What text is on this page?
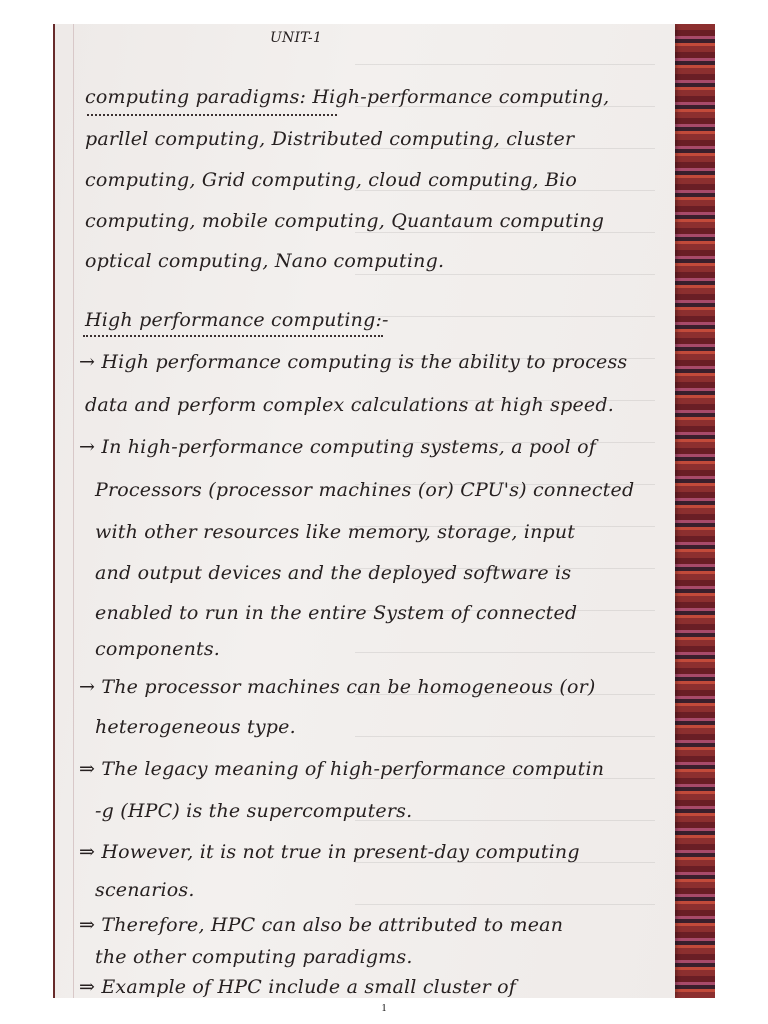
UNIT-1
computing paradigms: High-performance computing,
parllel computing, Distributed computing, cluster
computing, Grid computing, cloud computing, Bio
computing, mobile computing, Quantaum computing
optical computing, Nano computing.
High performance computing:-
→ High performance computing is the ability to process
data and perform complex calculations at high speed.
→ In high-performance computing systems, a pool of
Processors (processor machines (or) CPU's) connected
with other resources like memory, storage, input
and output devices and the deployed software is
enabled to run in the entire System of connected
components.
→ The processor machines can be homogeneous (or)
heterogeneous type.
⇒ The legacy meaning of high-performance computin
-g (HPC) is the supercomputers.
⇒ However, it is not true in present-day computing
scenarios.
⇒ Therefore, HPC can also be attributed to mean
the other computing paradigms.
⇒ Example of HPC include a small cluster of
1
